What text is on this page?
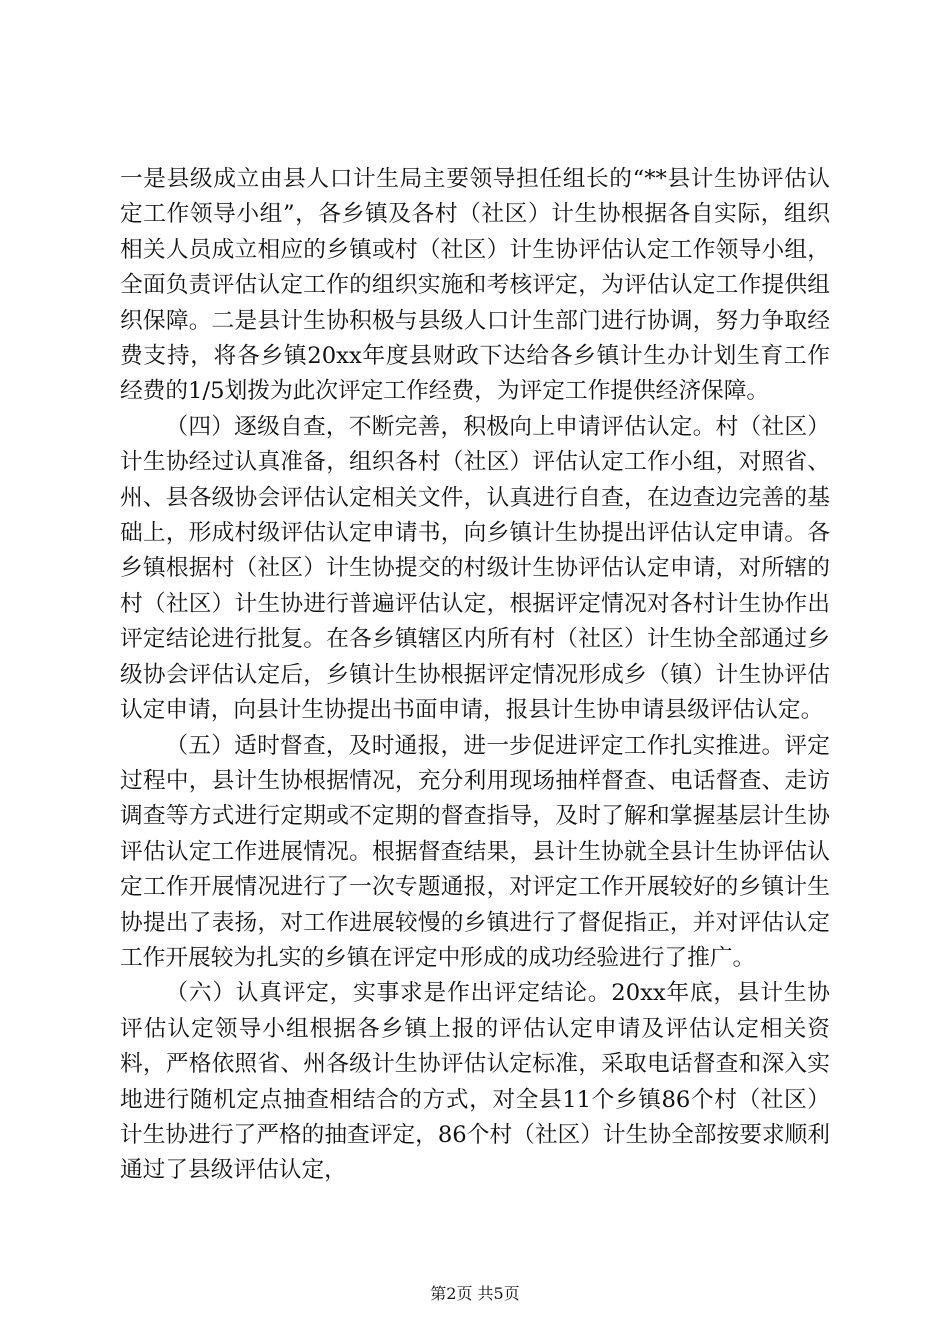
一是县级成立由县人口计生局主要领导担任组长的“**县计生协评估认定工作领导小组”，各乡镇及各村（社区）计生协根据各自实际，组织相关人员成立相应的乡镇或村（社区）计生协评估认定工作领导小组，全面负责评估认定工作的组织实施和考核评定，为评估认定工作提供组织保障。二是县计生协积极与县级人口计生部门进行协调，努力争取经费支持，将各乡镇20xx年度县财政下达给各乡镇计生办计划生育工作经费的1/5划拨为此次评定工作经费，为评定工作提供经济保障。

（四）逐级自查，不断完善，积极向上申请评估认定。村（社区）计生协经过认真准备，组织各村（社区）评估认定工作小组，对照省、州、县各级协会评估认定相关文件，认真进行自查，在边查边完善的基础上，形成村级评估认定申请书，向乡镇计生协提出评估认定申请。各乡镇根据村（社区）计生协提交的村级计生协评估认定申请，对所辖的村（社区）计生协进行普遍评估认定，根据评定情况对各村计生协作出评定结论进行批复。在各乡镇辖区内所有村（社区）计生协全部通过乡级协会评估认定后，乡镇计生协根据评定情况形成乡（镇）计生协评估认定申请，向县计生协提出书面申请，报县计生协申请县级评估认定。

（五）适时督查，及时通报，进一步促进评定工作扎实推进。评定过程中，县计生协根据情况，充分利用现场抽样督查、电话督查、走访调查等方式进行定期或不定期的督查指导，及时了解和掌握基层计生协评估认定工作进展情况。根据督查结果，县计生协就全县计生协评估认定工作开展情况进行了一次专题通报，对评定工作开展较好的乡镇计生协提出了表扬，对工作进展较慢的乡镇进行了督促指正，并对评估认定工作开展较为扎实的乡镇在评定中形成的成功经验进行了推广。

（六）认真评定，实事求是作出评定结论。20xx年底，县计生协评估认定领导小组根据各乡镇上报的评估认定申请及评估认定相关资料，严格依照省、州各级计生协评估认定标准，采取电话督查和深入实地进行随机定点抽查相结合的方式，对全县11个乡镇86个村（社区）计生协进行了严格的抽查评定，86个村（社区）计生协全部按要求顺利通过了县级评估认定，

第2页 共5页
